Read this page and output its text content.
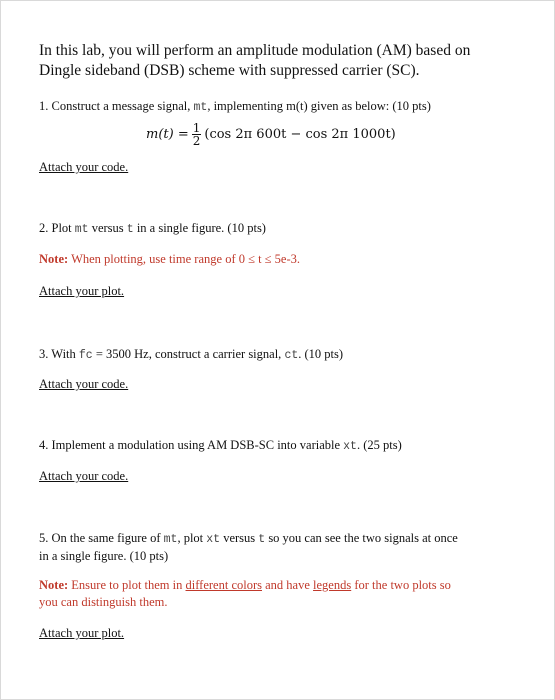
In this lab, you will perform an amplitude modulation (AM) based on
Dingle sideband (DSB) scheme with suppressed carrier (SC).
1. Construct a message signal, mt, implementing m(t) given as below: (10 pts)
$m(t) = \frac{1}{2} (\cos$ 2π 600t − cos 2π 1000t)
Attach your code.
2. Plot mt versus t in a single figure. (10 pts)
Note: When plotting, use time range of 0 ≤ t ≤ 5e-3.
Attach your plot.
3. With fc = 3500 Hz, construct a carrier signal, ct. (10 pts)
Attach your code.
4. Implement a modulation using AM DSB-SC into variable xt. (25 pts)
Attach your code.
5. On the same figure of mt, plot xt versus t so you can see the two signals at once
in a single figure. (10 pts)
Note: Ensure to plot them in different colors and have legends for the two plots so
you can distinguish them.
Attach your plot.
